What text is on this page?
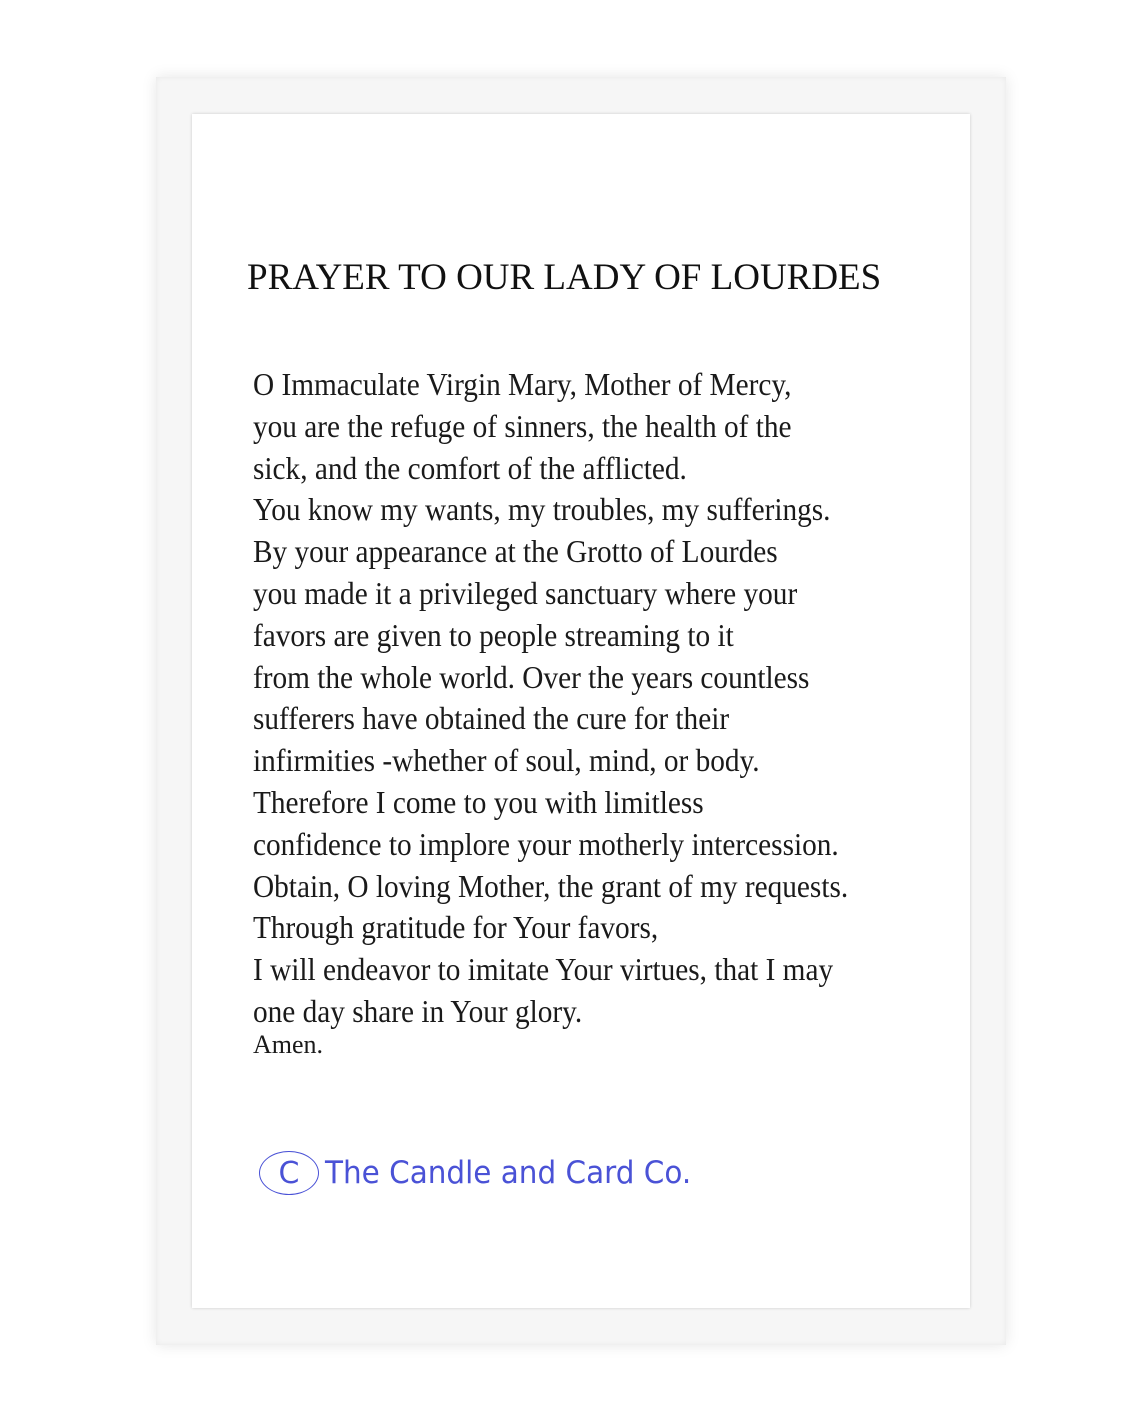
PRAYER TO OUR LADY OF LOURDES
O Immaculate Virgin Mary, Mother of Mercy,
you are the refuge of sinners, the health of the
sick, and the comfort of the afflicted.
You know my wants, my troubles, my sufferings.
By your appearance at the Grotto of Lourdes
you made it a privileged sanctuary where your
favors are given to people streaming to it
from the whole world. Over the years countless
sufferers have obtained the cure for their
infirmities -whether of soul, mind, or body.
Therefore I come to you with limitless
confidence to implore your motherly intercession.
Obtain, O loving Mother, the grant of my requests.
Through gratitude for Your favors,
I will endeavor to imitate Your virtues, that I may
one day share in Your glory.

Amen.

C The Candle and Card Co.
